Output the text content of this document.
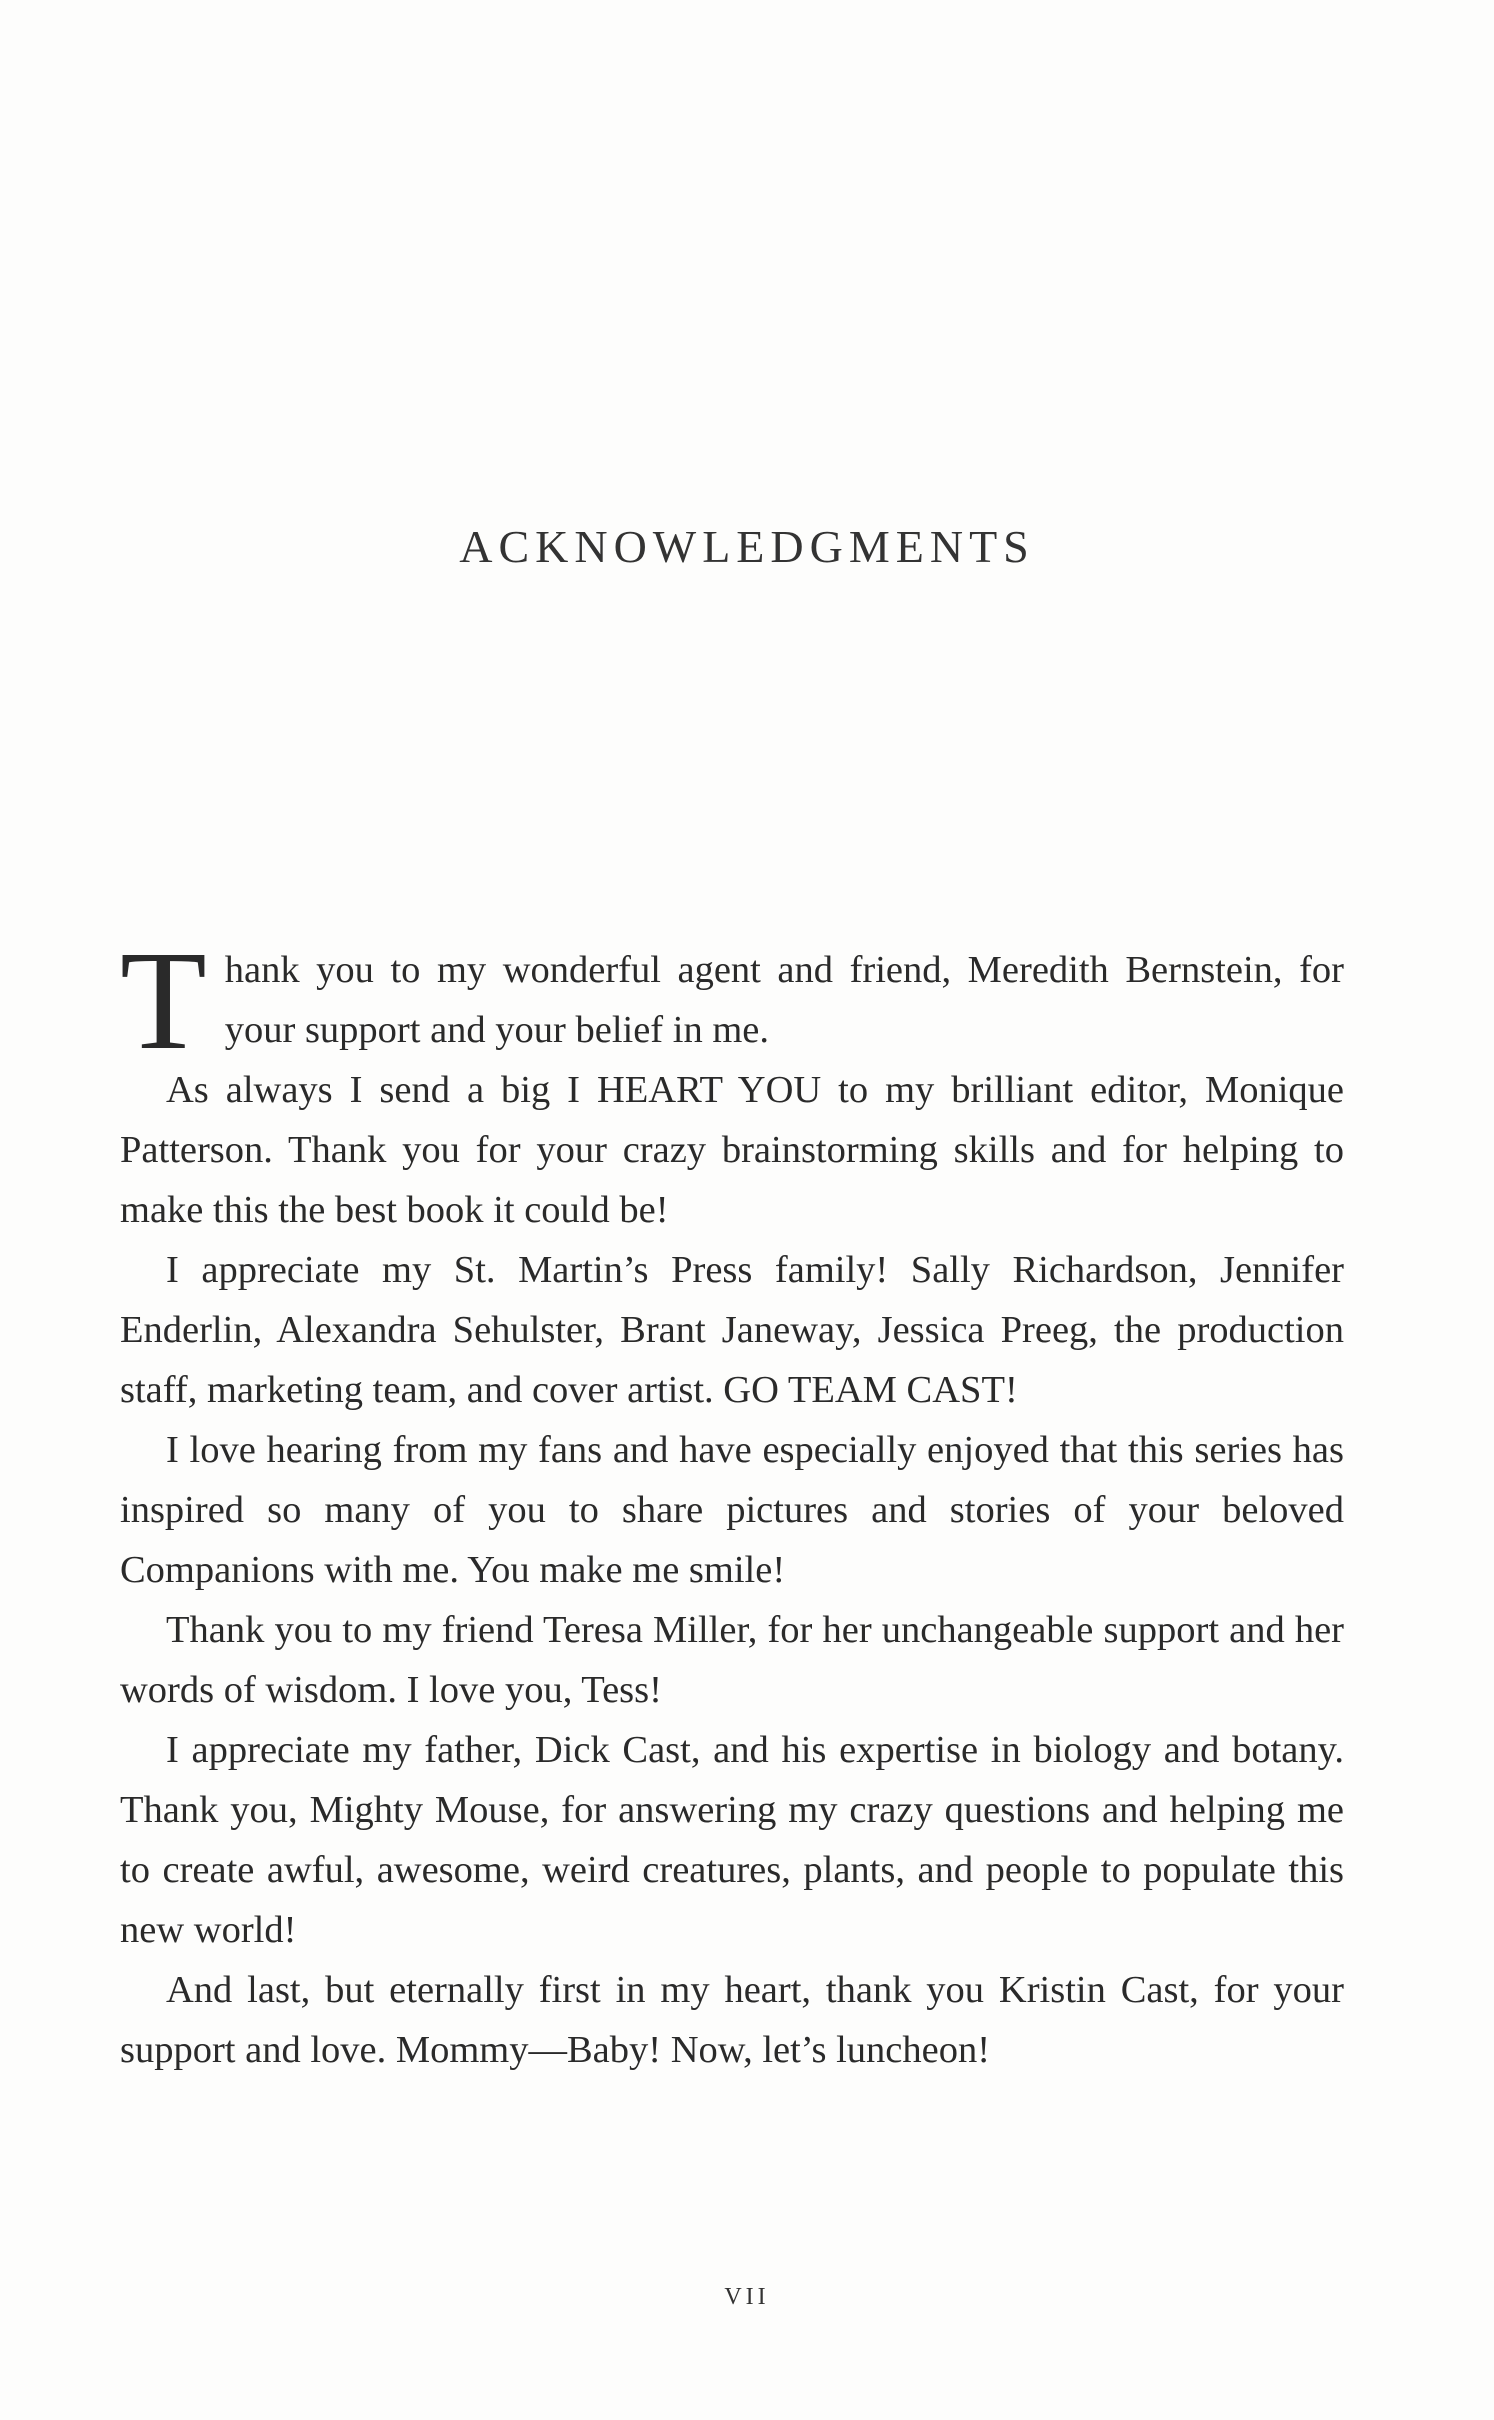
ACKNOWLEDGMENTS

Thank you to my wonderful agent and friend, Meredith Bernstein, for your support and your belief in me.

As always I send a big I HEART YOU to my brilliant editor, Monique Patterson. Thank you for your crazy brainstorming skills and for helping to make this the best book it could be!

I appreciate my St. Martin’s Press family! Sally Richardson, Jennifer Enderlin, Alexandra Sehulster, Brant Janeway, Jessica Preeg, the production staff, marketing team, and cover artist. GO TEAM CAST!

I love hearing from my fans and have especially enjoyed that this series has inspired so many of you to share pictures and stories of your beloved Companions with me. You make me smile!

Thank you to my friend Teresa Miller, for her unchangeable support and her words of wisdom. I love you, Tess!

I appreciate my father, Dick Cast, and his expertise in biology and botany. Thank you, Mighty Mouse, for answering my crazy questions and helping me to create awful, awesome, weird creatures, plants, and people to populate this new world!

And last, but eternally first in my heart, thank you Kristin Cast, for your support and love. Mommy—Baby! Now, let’s luncheon!

VII
